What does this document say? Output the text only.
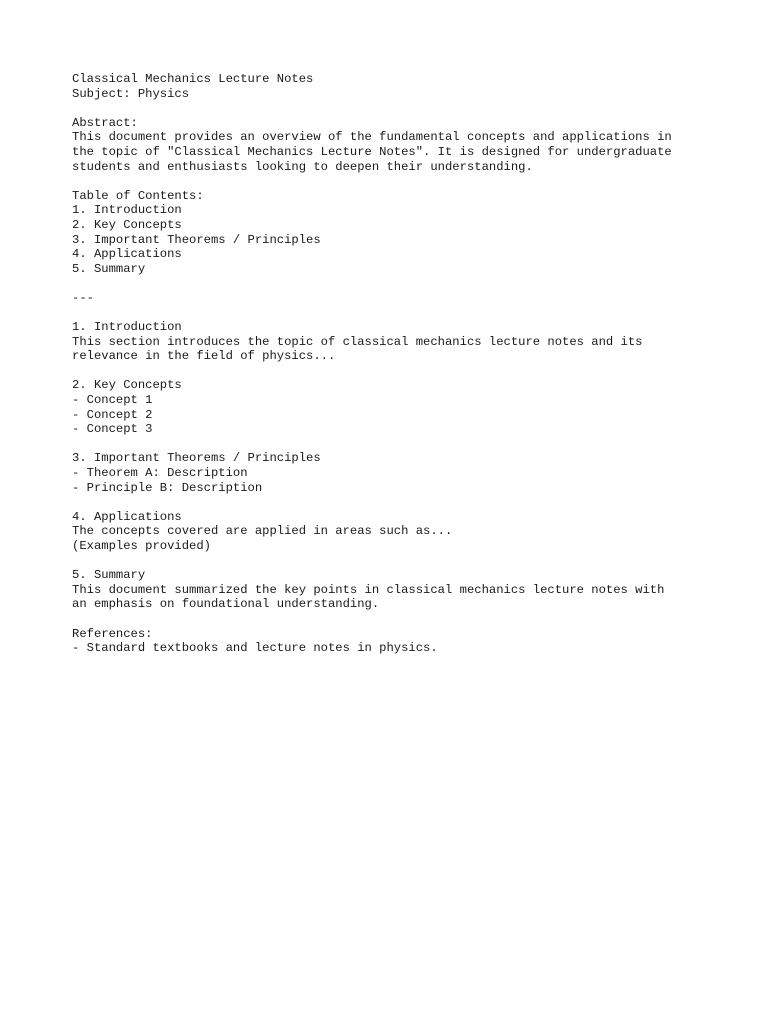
Classical Mechanics Lecture Notes
Subject: Physics
Abstract:
This document provides an overview of the fundamental concepts and applications in
the topic of "Classical Mechanics Lecture Notes". It is designed for undergraduate
students and enthusiasts looking to deepen their understanding.
Table of Contents:
1. Introduction
2. Key Concepts
3. Important Theorems / Principles
4. Applications
5. Summary
---
1. Introduction
This section introduces the topic of classical mechanics lecture notes and its
relevance in the field of physics...
2. Key Concepts
- Concept 1
- Concept 2
- Concept 3
3. Important Theorems / Principles
- Theorem A: Description
- Principle B: Description
4. Applications
The concepts covered are applied in areas such as...
(Examples provided)
5. Summary
This document summarized the key points in classical mechanics lecture notes with
an emphasis on foundational understanding.
References:
- Standard textbooks and lecture notes in physics.
